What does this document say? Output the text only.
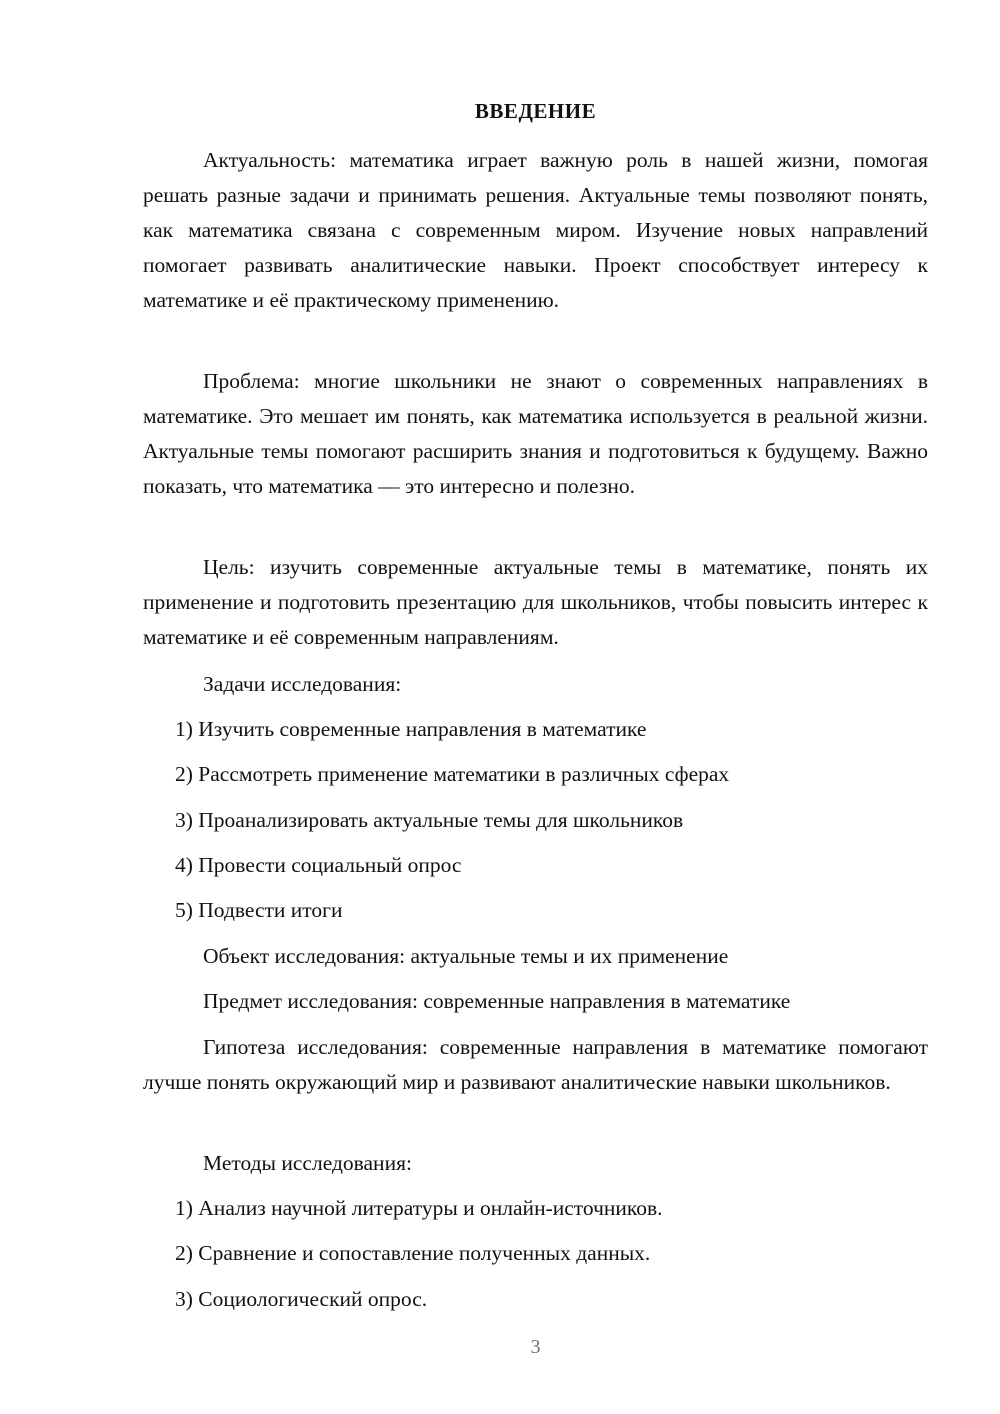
ВВЕДЕНИЕ

Актуальность: математика играет важную роль в нашей жизни, помогая решать разные задачи и принимать решения. Актуальные темы позволяют понять, как математика связана с современным миром. Изучение новых направлений помогает развивать аналитические навыки. Проект способствует интересу к математике и её практическому применению.

Проблема: многие школьники не знают о современных направлениях в математике. Это мешает им понять, как математика используется в реальной жизни. Актуальные темы помогают расширить знания и подготовиться к будущему. Важно показать, что математика — это интересно и полезно.

Цель: изучить современные актуальные темы в математике, понять их применение и подготовить презентацию для школьников, чтобы повысить интерес к математике и её современным направлениям.

Задачи исследования:

1) Изучить современные направления в математике

2) Рассмотреть применение математики в различных сферах

3) Проанализировать актуальные темы для школьников

4) Провести социальный опрос

5) Подвести итоги

Объект исследования: актуальные темы и их применение

Предмет исследования: современные направления в математике

Гипотеза исследования: современные направления в математике помогают лучше понять окружающий мир и развивают аналитические навыки школьников.

Методы исследования:

1) Анализ научной литературы и онлайн-источников.

2) Сравнение и сопоставление полученных данных.

3) Социологический опрос.

3
